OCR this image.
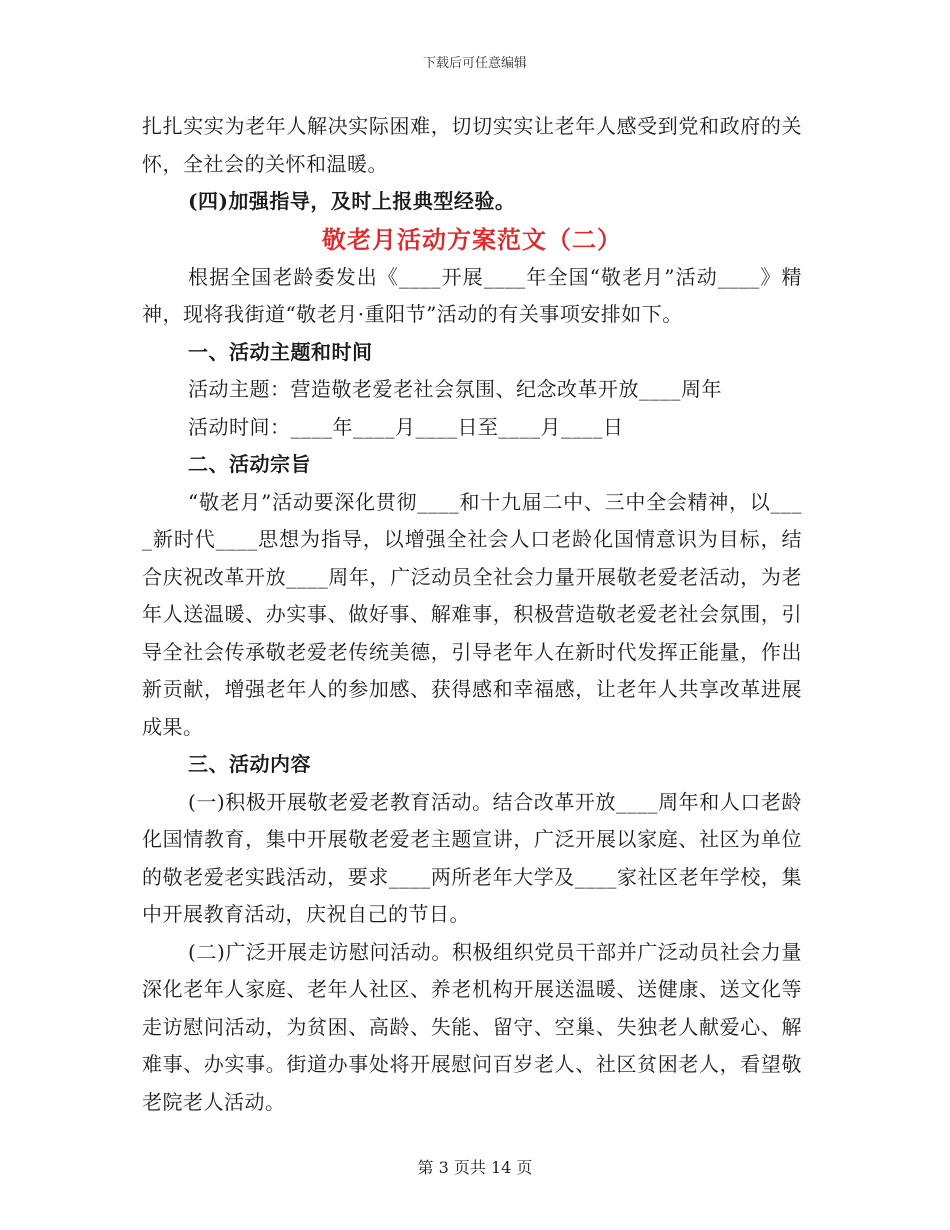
下载后可任意编辑

扎扎实实为老年人解决实际困难，切切实实让老年人感受到党和政府的关怀，全社会的关怀和温暖。

(四)加强指导，及时上报典型经验。

敬老月活动方案范文（二）

根据全国老龄委发出《____开展____年全国“敬老月”活动____》精神，现将我街道“敬老月·重阳节”活动的有关事项安排如下。

一、活动主题和时间

活动主题：营造敬老爱老社会氛围、纪念改革开放____周年

活动时间：____年____月____日至____月____日

二、活动宗旨

“敬老月”活动要深化贯彻____和十九届二中、三中全会精神，以____新时代____思想为指导，以增强全社会人口老龄化国情意识为目标，结合庆祝改革开放____周年，广泛动员全社会力量开展敬老爱老活动，为老年人送温暖、办实事、做好事、解难事，积极营造敬老爱老社会氛围，引导全社会传承敬老爱老传统美德，引导老年人在新时代发挥正能量，作出新贡献，增强老年人的参加感、获得感和幸福感，让老年人共享改革进展成果。

三、活动内容

(一)积极开展敬老爱老教育活动。结合改革开放____周年和人口老龄化国情教育，集中开展敬老爱老主题宣讲，广泛开展以家庭、社区为单位的敬老爱老实践活动，要求____两所老年大学及____家社区老年学校，集中开展教育活动，庆祝自己的节日。

(二)广泛开展走访慰问活动。积极组织党员干部并广泛动员社会力量深化老年人家庭、老年人社区、养老机构开展送温暖、送健康、送文化等走访慰问活动，为贫困、高龄、失能、留守、空巢、失独老人献爱心、解难事、办实事。街道办事处将开展慰问百岁老人、社区贫困老人，看望敬老院老人活动。

第 3 页共 14 页
